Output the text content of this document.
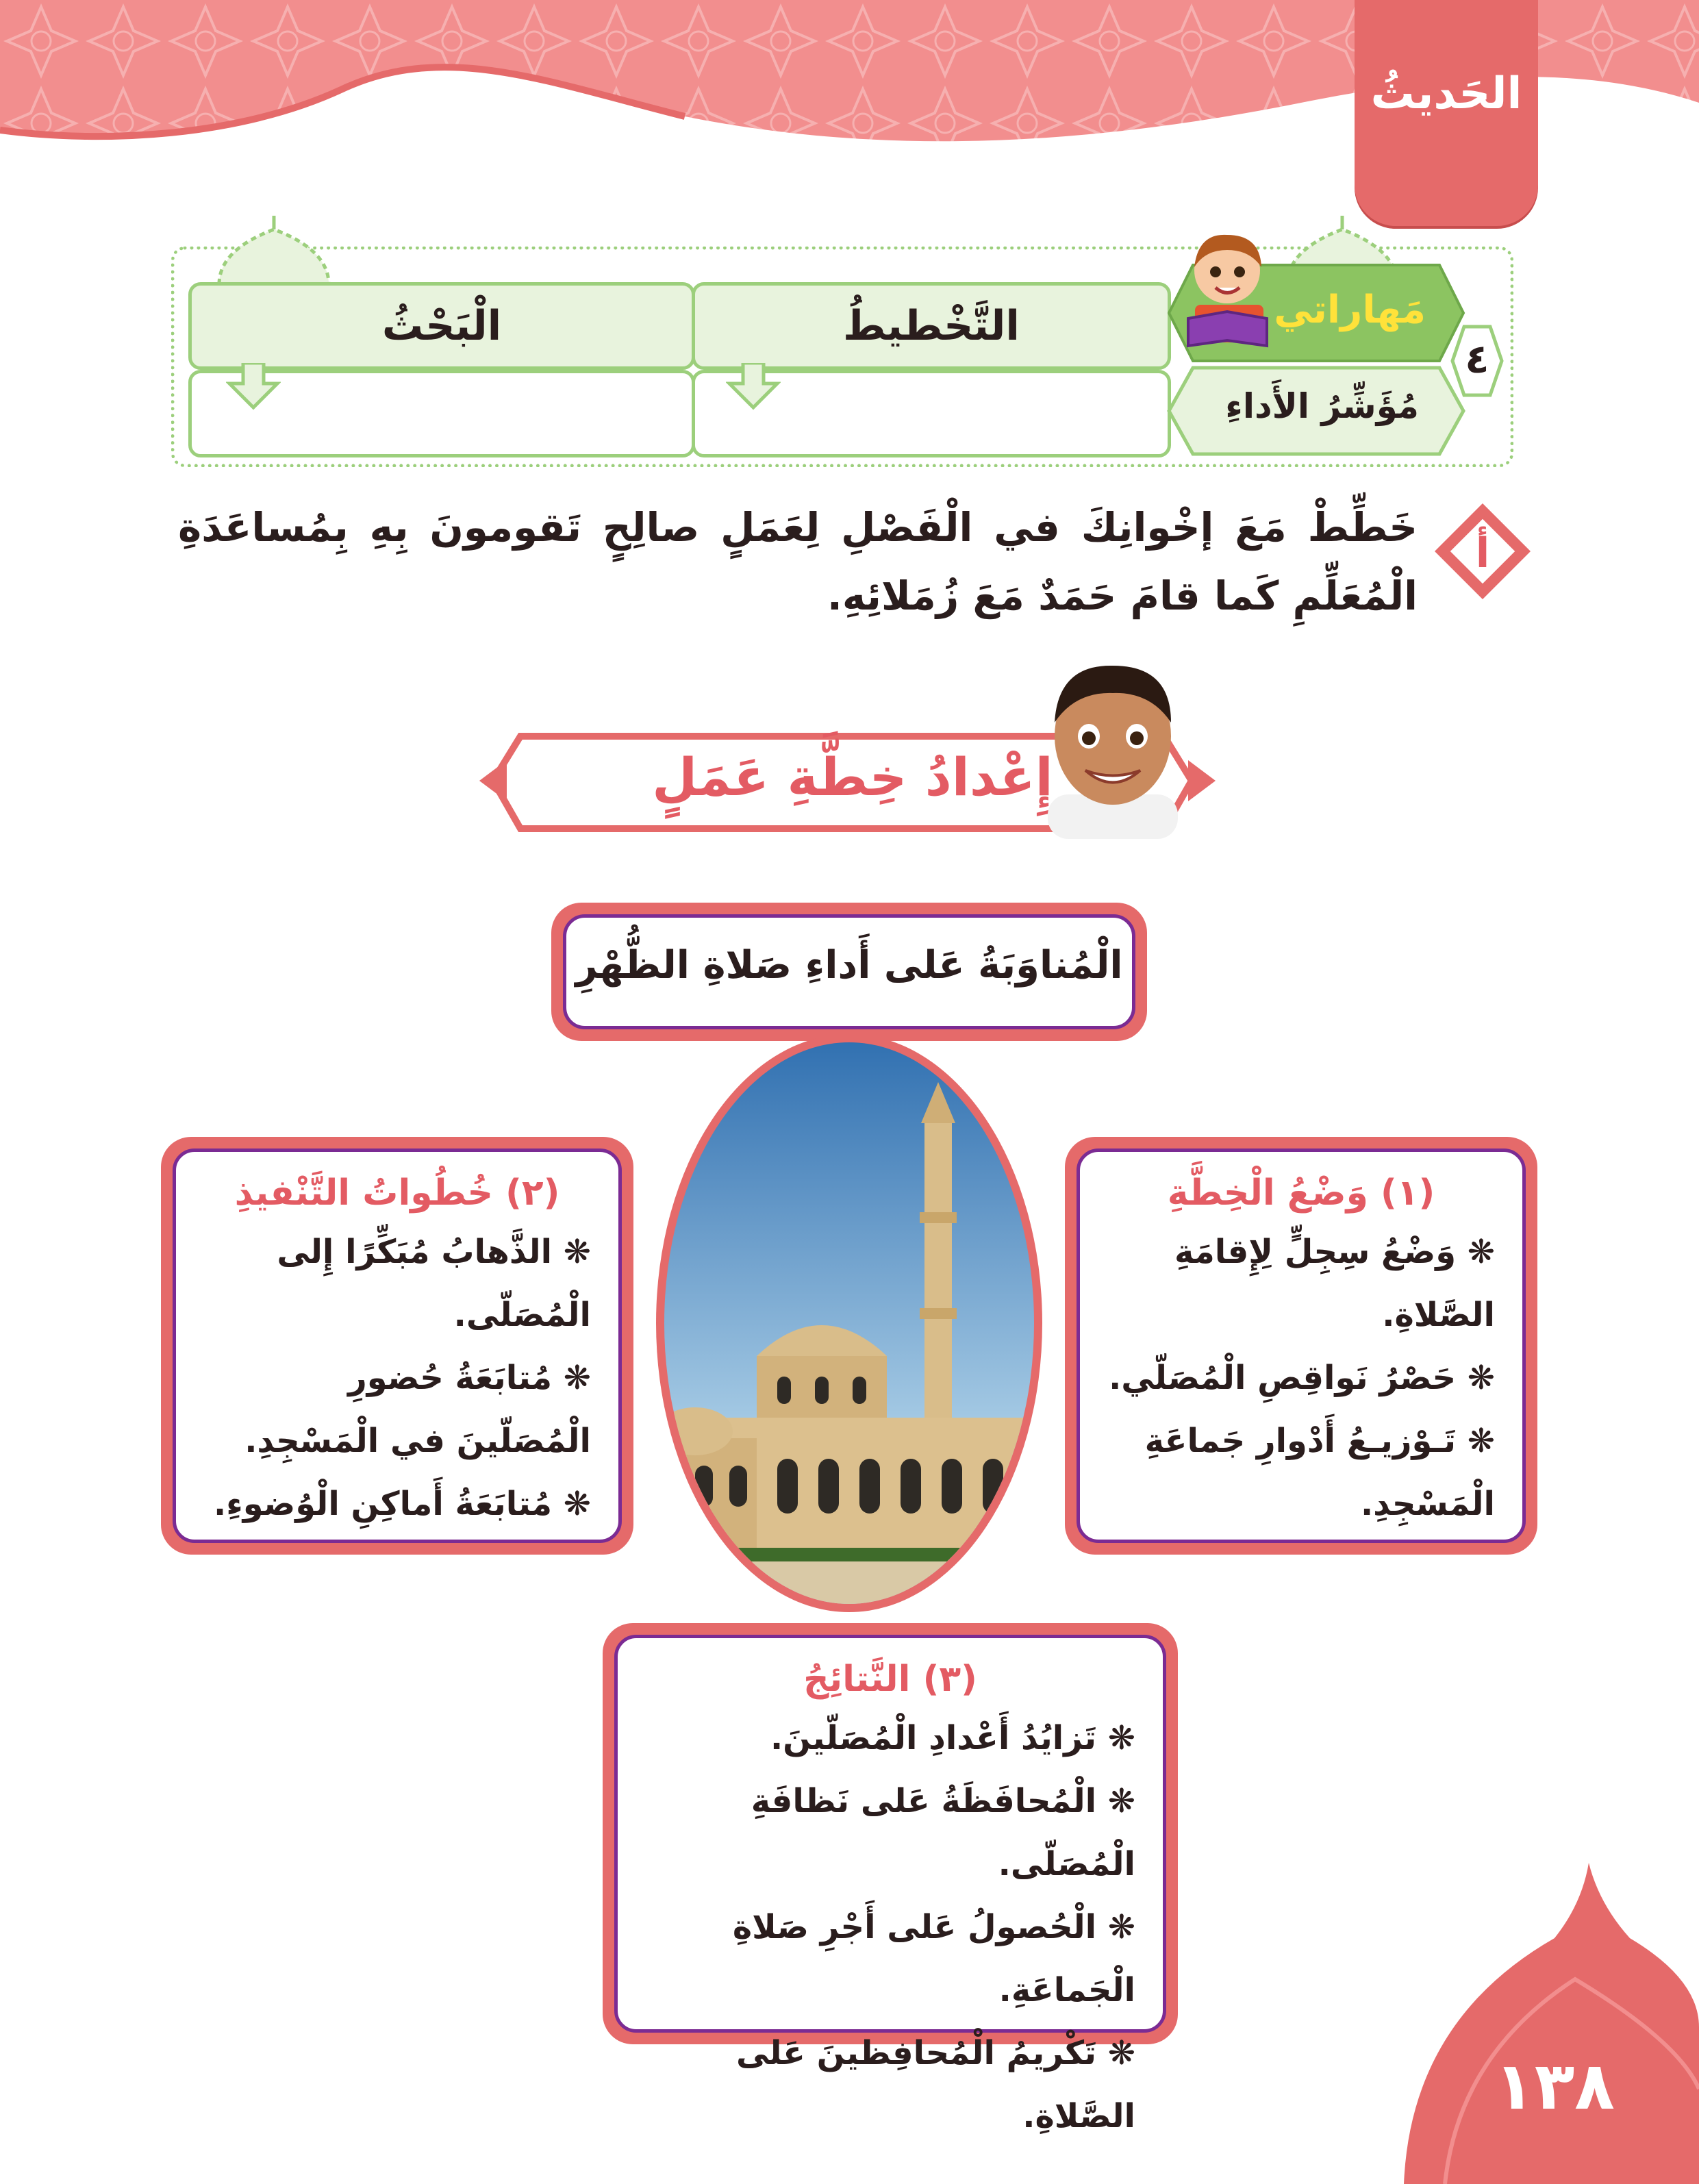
الحَديثُ
التَّخْطيطُ
الْبَحْثُ	مَهاراتي
مُؤَشِّرُ الأَداءِ
٤
أ
خَطِّطْ مَعَ إخْوانِكَ في الْفَصْلِ لِعَمَلٍ صالِحٍ تَقومونَ بِهِ بِمُساعَدَةِ الْمُعَلِّمِ كَما قامَ حَمَدٌ مَعَ زُمَلائِهِ.
إِعْدادُ خِطَّةِ عَمَلٍ
الْمُناوَبَةُ عَلى أَداءِ صَلاةِ الظُّهْرِ
(١) وَضْعُ الْخِطَّةِ
❋ وَضْعُ سِجِلٍّ لِإِقامَةِ الصَّلاةِ.
❋ حَصْرُ نَواقِصِ الْمُصَلّي.
❋ تَـوْزيـعُ أَدْوارِ جَماعَةِ الْمَسْجِدِ.
(٢) خُطُواتُ التَّنْفيذِ
❋ الذَّهابُ مُبَكِّرًا إِلى الْمُصَلّى.
❋ مُتابَعَةُ حُضورِ الْمُصَلّينَ في الْمَسْجِدِ.
❋ مُتابَعَةُ أَماكِنِ الْوُضوءِ.
(٣) النَّتائِجُ
❋ تَزايُدُ أَعْدادِ الْمُصَلّينَ.
❋ الْمُحافَظَةُ عَلى نَظافَةِ الْمُصَلّى.
❋ الْحُصولُ عَلى أَجْرِ صَلاةِ الْجَماعَةِ.
❋ تَكْريمُ الْمُحافِظينَ عَلى الصَّلاةِ.	١٣٨
